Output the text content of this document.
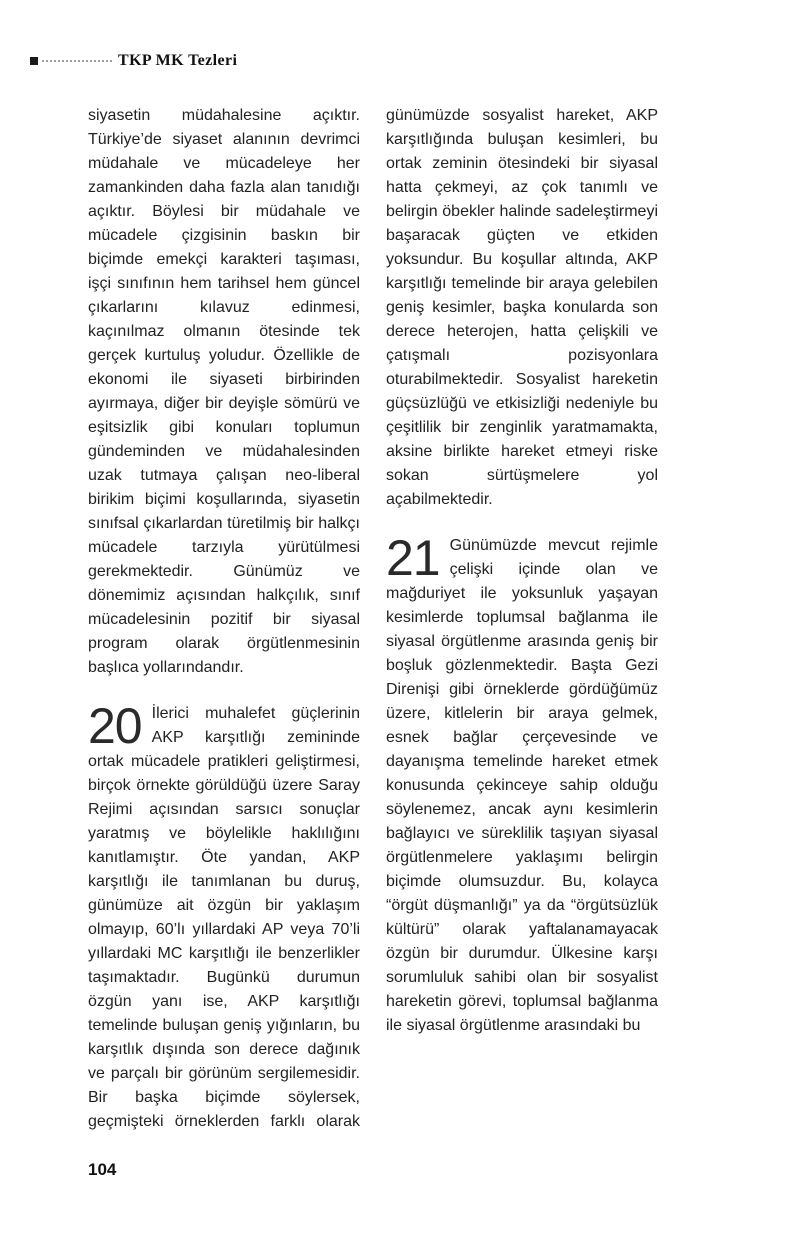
TKP MK Tezleri

siyasetin müdahalesine açıktır. Türkiye’de siyaset alanının devrimci müdahale ve mücadeleye her zamankinden daha fazla alan tanıdığı açıktır. Böylesi bir müdahale ve mücadele çizgisinin baskın bir biçimde emekçi karakteri taşıması, işçi sınıfının hem tarihsel hem güncel çıkarlarını kılavuz edinmesi, kaçınılmaz olmanın ötesinde tek gerçek kurtuluş yoludur. Özellikle de ekonomi ile siyaseti birbirinden ayırmaya, diğer bir deyişle sömürü ve eşitsizlik gibi konuları toplumun gündeminden ve müdahalesinden uzak tutmaya çalışan neo-liberal birikim biçimi koşullarında, siyasetin sınıfsal çıkarlardan türetilmiş bir halkçı mücadele tarzıyla yürütülmesi gerekmektedir. Günümüz ve dönemimiz açısından halkçılık, sınıf mücadelesinin pozitif bir siyasal program olarak örgütlenmesinin başlıca yollarındandır.

20 İlerici muhalefet güçlerinin AKP karşıtlığı zemininde ortak mücadele pratikleri geliştirmesi, birçok örnekte görüldüğü üzere Saray Rejimi açısından sarsıcı sonuçlar yaratmış ve böylelikle haklılığını kanıtlamıştır. Öte yandan, AKP karşıtlığı ile tanımlanan bu duruş, günümüze ait özgün bir yaklaşım olmayıp, 60’lı yıllardaki AP veya 70’li yıllardaki MC karşıtlığı ile benzerlikler taşımaktadır. Bugünkü durumun özgün yanı ise, AKP karşıtlığı temelinde buluşan geniş yığınların, bu karşıtlık dışında son derece dağınık ve parçalı bir görünüm sergilemesidir. Bir başka biçimde söylersek, geçmişteki örneklerden farklı olarak günümüzde sosyalist hareket, AKP karşıtlığında buluşan kesimleri, bu ortak zeminin ötesindeki bir siyasal hatta çekmeyi, az çok tanımlı ve belirgin öbekler halinde sadeleştirmeyi başaracak güçten ve etkiden yoksundur. Bu koşullar altında, AKP karşıtlığı temelinde bir araya gelebilen geniş kesimler, başka konularda son derece heterojen, hatta çelişkili ve çatışmalı pozisyonlara oturabilmektedir. Sosyalist hareketin güçsüzlüğü ve etkisizliği nedeniyle bu çeşitlilik bir zenginlik yaratmamakta, aksine birlikte hareket etmeyi riske sokan sürtüşmelere yol açabilmektedir.

21 Günümüzde mevcut rejimle çelişki içinde olan ve mağduriyet ile yoksunluk yaşayan kesimlerde toplumsal bağlanma ile siyasal örgütlenme arasında geniş bir boşluk gözlenmektedir. Başta Gezi Direnişi gibi örneklerde gördüğümüz üzere, kitlelerin bir araya gelmek, esnek bağlar çerçevesinde ve dayanışma temelinde hareket etmek konusunda çekinceye sahip olduğu söylenemez, ancak aynı kesimlerin bağlayıcı ve süreklilik taşıyan siyasal örgütlenmelere yaklaşımı belirgin biçimde olumsuzdur. Bu, kolayca “örgüt düşmanlığı” ya da “örgütsüzlük kültürü” olarak yaftalanamayacak özgün bir durumdur. Ülkesine karşı sorumluluk sahibi olan bir sosyalist hareketin görevi, toplumsal bağlanma ile siyasal örgütlenme arasındaki bu

104
